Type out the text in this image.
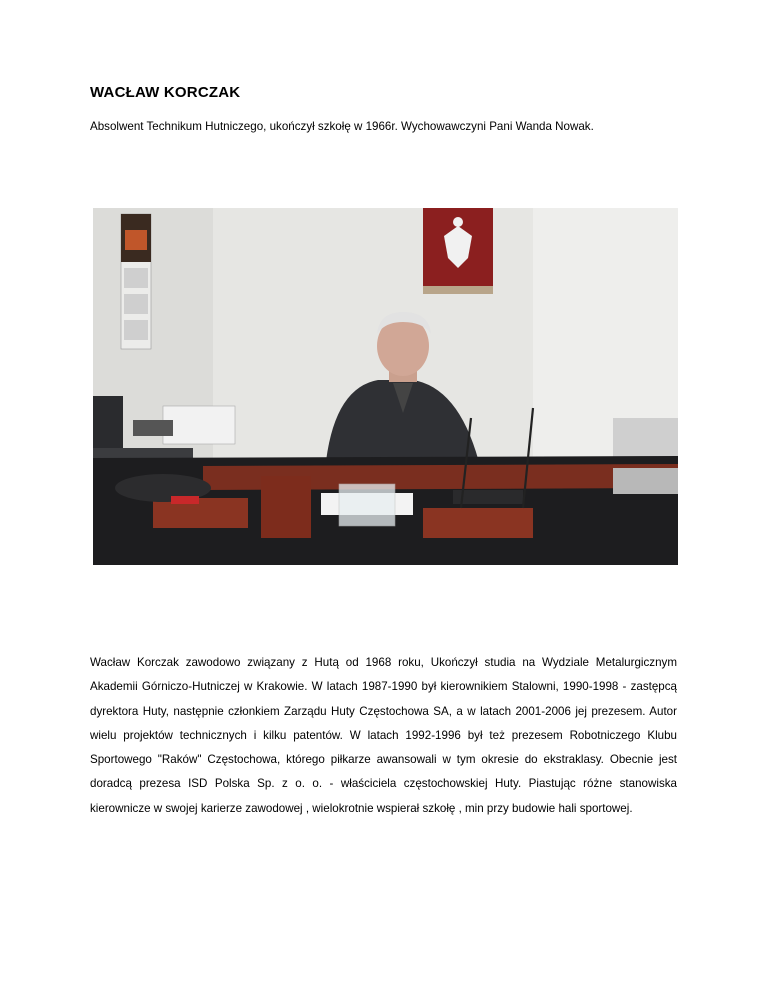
WACŁAW KORCZAK

Absolwent Technikum Hutniczego, ukończył szkołę w 1966r. Wychowawczyni Pani Wanda Nowak.

Wacław Korczak zawodowo związany z Hutą od 1968 roku, Ukończył studia na Wydziale Metalurgicznym Akademii Górniczo-Hutniczej w Krakowie. W latach 1987-1990 był kierownikiem Stalowni, 1990-1998 - zastępcą dyrektora Huty, następnie członkiem Zarządu Huty Częstochowa SA, a w latach 2001-2006 jej prezesem. Autor wielu projektów technicznych i kilku patentów. W latach 1992-1996 był też prezesem Robotniczego Klubu Sportowego "Raków" Częstochowa, którego piłkarze awansowali w tym okresie do ekstraklasy. Obecnie jest doradcą prezesa ISD Polska Sp. z o. o. - właściciela częstochowskiej Huty. Piastując różne stanowiska kierownicze w swojej karierze zawodowej , wielokrotnie wspierał szkołę , min przy budowie hali sportowej.
